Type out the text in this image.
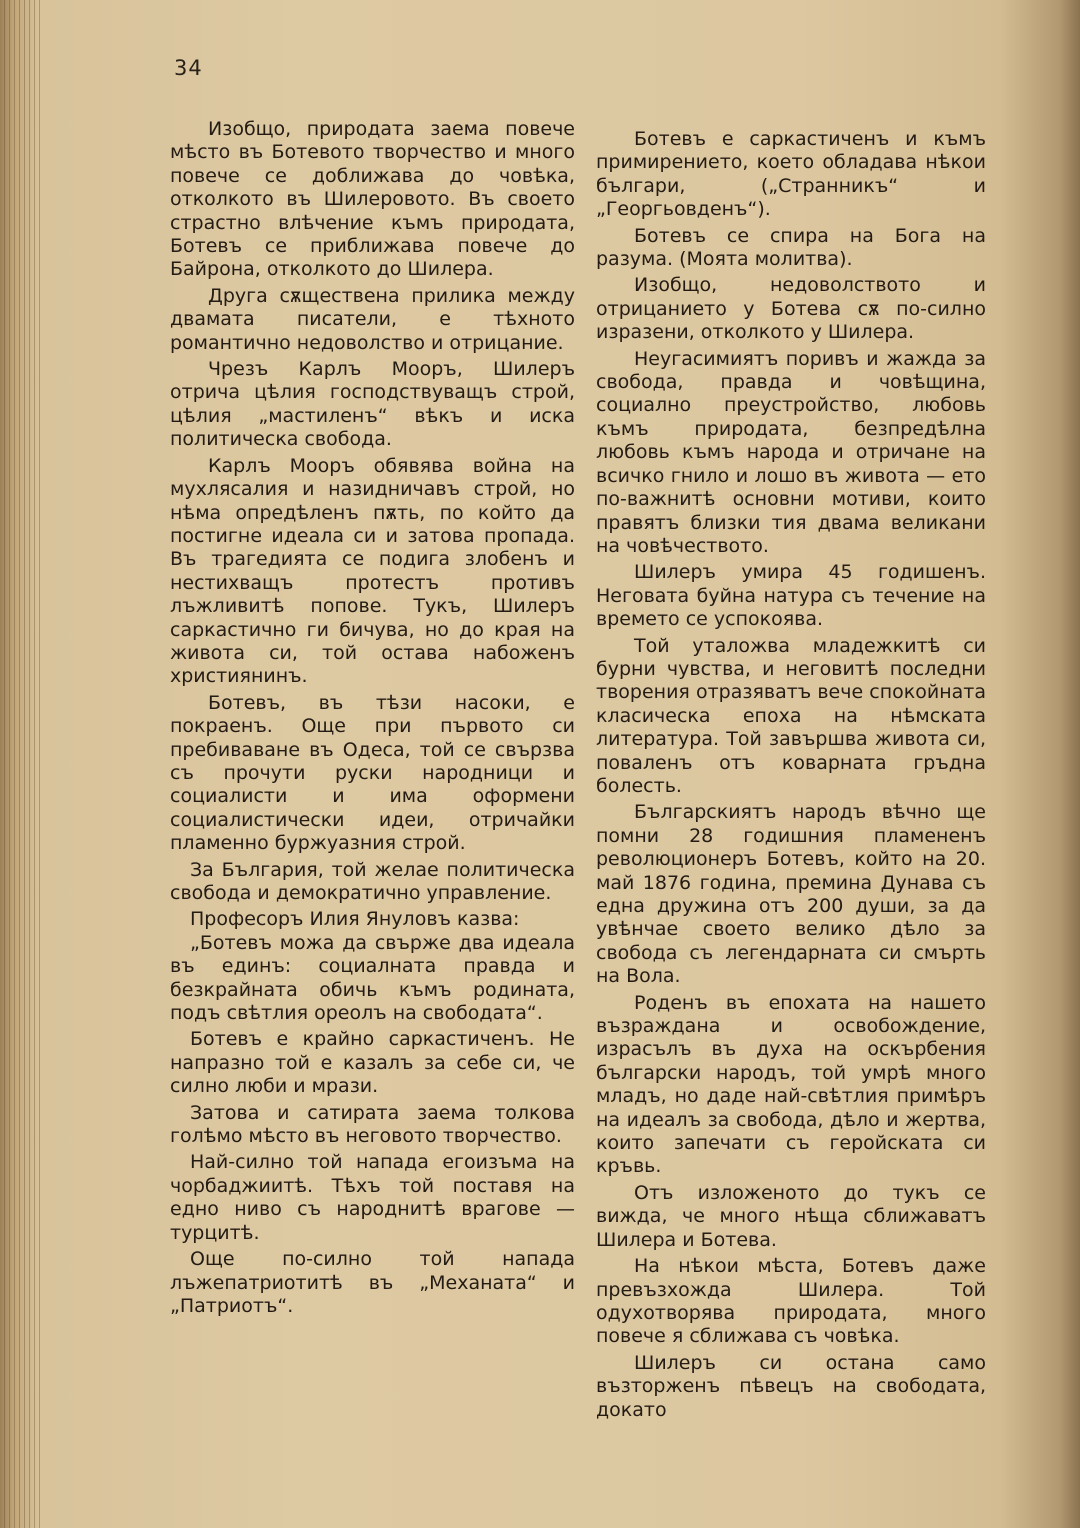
34

Изобщо, природата заема повече мѣсто въ Ботевото творчество и много повече се доближава до човѣка, отколкото въ Шилеровото. Въ своето страстно влѣчение къмъ природата, Ботевъ се приближава повече до Байрона, отколкото до Шилера.

Друга сѫществена прилика между двамата писатели, е тѣхното романтично недоволство и отрицание.

Чрезъ Карлъ Мооръ, Шилеръ отрича цѣлия господствуващъ строй, цѣлия „мастиленъ“ вѣкъ и иска политическа свобода.

Карлъ Мооръ обявява война на мухлясалия и назидничавъ строй, но нѣма опредѣленъ пѫть, по който да постигне идеала си и затова пропада. Въ трагедията се подига злобенъ и нестихващъ протестъ противъ лъжливитѣ попове. Тукъ, Шилеръ саркастично ги бичува, но до края на живота си, той остава набоженъ християнинъ.

Ботевъ, въ тѣзи насоки, е покраенъ. Още при първото си пребиваване въ Одеса, той се свързва съ прочути руски народници и социалисти и има оформени социалистически идеи, отричайки пламенно буржуазния строй.

За България, той желае политическа свобода и демократично управление.

Професоръ Илия Януловъ казва:

„Ботевъ можа да свърже два идеала въ единъ: социалната правда и безкрайната обичь къмъ родината, подъ свѣтлия ореолъ на свободата“.

Ботевъ е крайно саркастиченъ. Не напразно той е казалъ за себе си, че силно люби и мрази.

Затова и сатирата заема толкова голѣмо мѣсто въ неговото творчество.

Най-силно той напада егоизъма на чорбаджиитѣ. Тѣхъ той поставя на едно ниво съ народнитѣ врагове — турцитѣ.

Още по-силно той напада лъжепатриотитѣ въ „Механата“ и „Патриотъ“.

Ботевъ е саркастиченъ и къмъ примирението, което обладава нѣкои българи, („Странникъ“ и „Георгьовденъ“).

Ботевъ се спира на Бога на разума. (Моята молитва).

Изобщо, недоволството и отрицанието у Ботева сѫ по-силно изразени, отколкото у Шилера.

Неугасимиятъ поривъ и жажда за свобода, правда и човѣщина, социално преустройство, любовь къмъ природата, безпредѣлна любовь къмъ народа и отричане на всичко гнило и лошо въ живота — ето по-важнитѣ основни мотиви, които правятъ близки тия двама великани на човѣчеството.

Шилеръ умира 45 годишенъ. Неговата буйна натура съ течение на времето се успокоява.

Той уталожва младежкитѣ си бурни чувства, и неговитѣ последни творения отразяватъ вече спокойната класическа епоха на нѣмската литература. Той завършва живота си, поваленъ отъ коварната гръдна болесть.

Българскиятъ народъ вѣчно ще помни 28 годишния пламененъ революционеръ Ботевъ, който на 20. май 1876 година, премина Дунава съ една дружина отъ 200 души, за да увѣнчае своето велико дѣло за свобода съ легендарната си смърть на Вола.

Роденъ въ епохата на нашето възраждана и освобождение, израсълъ въ духа на оскърбения български народъ, той умрѣ много младъ, но даде най-свѣтлия примѣръ на идеалъ за свобода, дѣло и жертва, които запечати съ геройската си кръвь.

Отъ изложеното до тукъ се вижда, че много нѣща сближаватъ Шилера и Ботева.

На нѣкои мѣста, Ботевъ даже превъзхожда Шилера. Той одухотворява природата, много повече я сближава съ човѣка.

Шилеръ си остана само възторженъ пѣвецъ на свободата, докато
